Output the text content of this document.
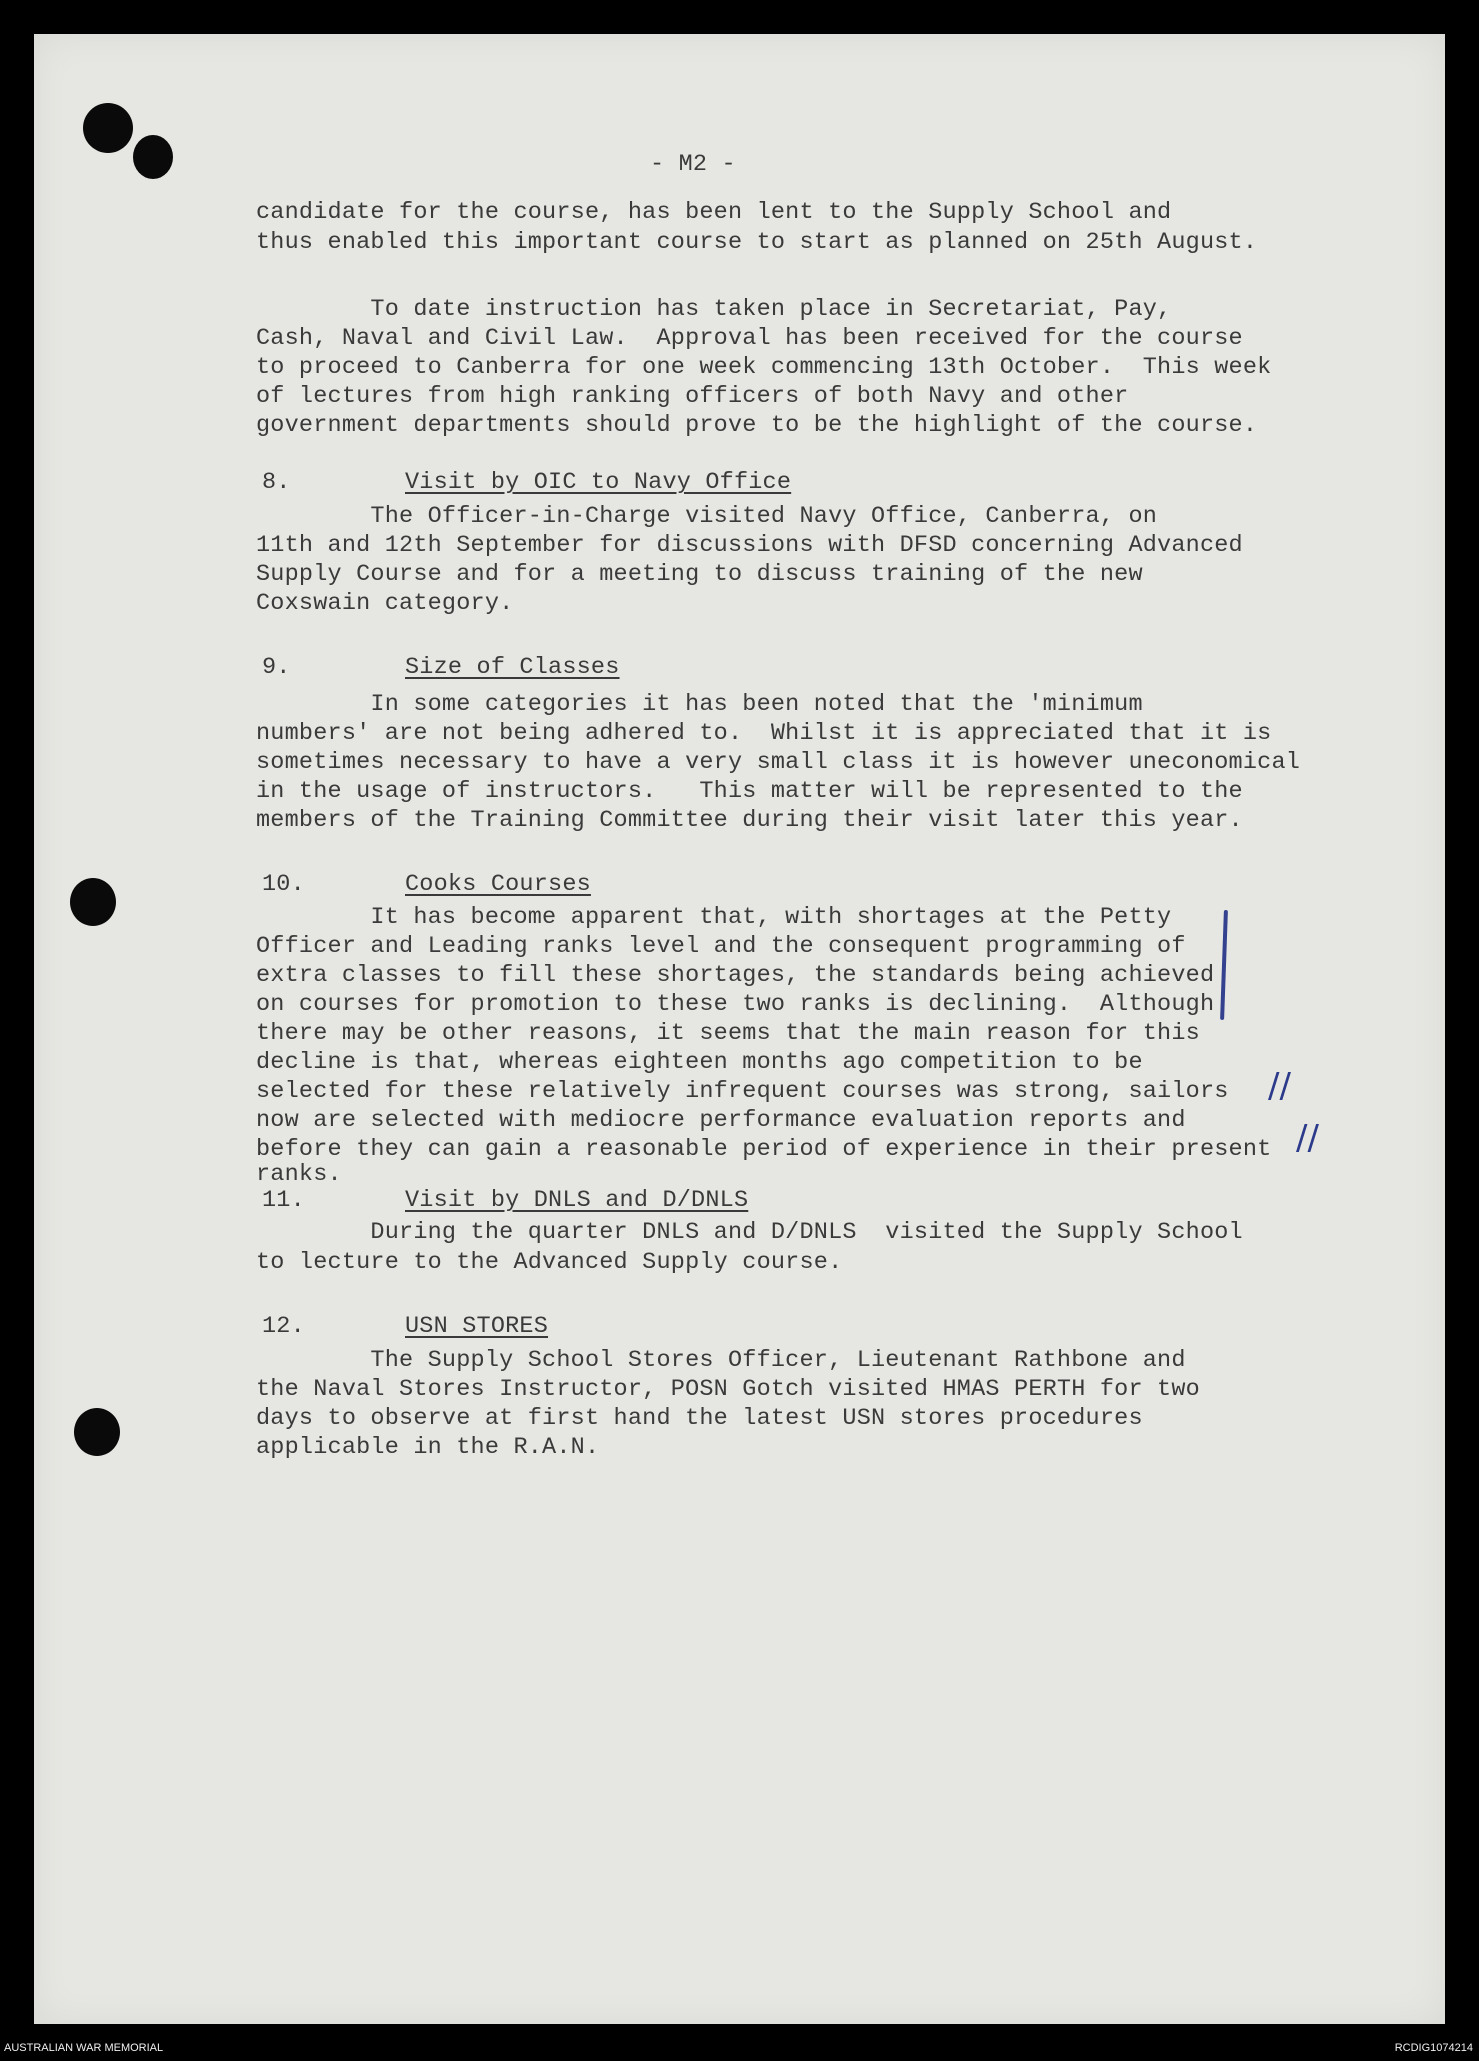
- M2 -
candidate for the course, has been lent to the Supply School and
thus enabled this important course to start as planned on 25th August.
To date instruction has taken place in Secretariat, Pay,
Cash, Naval and Civil Law.  Approval has been received for the course
to proceed to Canberra for one week commencing 13th October.  This week
of lectures from high ranking officers of both Navy and other
government departments should prove to be the highlight of the course.
8.	Visit by OIC to Navy Office
The Officer-in-Charge visited Navy Office, Canberra, on
11th and 12th September for discussions with DFSD concerning Advanced
Supply Course and for a meeting to discuss training of the new
Coxswain category.
9.	Size of Classes
In some categories it has been noted that the 'minimum
numbers' are not being adhered to.  Whilst it is appreciated that it is
sometimes necessary to have a very small class it is however uneconomical
in the usage of instructors.   This matter will be represented to the
members of the Training Committee during their visit later this year.
10.	Cooks Courses
It has become apparent that, with shortages at the Petty
Officer and Leading ranks level and the consequent programming of
extra classes to fill these shortages, the standards being achieved
on courses for promotion to these two ranks is declining.  Although
there may be other reasons, it seems that the main reason for this
decline is that, whereas eighteen months ago competition to be
selected for these relatively infrequent courses was strong, sailors
now are selected with mediocre performance evaluation reports and
before they can gain a reasonable period of experience in their present
ranks.
11.	Visit by DNLS and D/DNLS
During the quarter DNLS and D/DNLS  visited the Supply School
to lecture to the Advanced Supply course.
12.	USN STORES
The Supply School Stores Officer, Lieutenant Rathbone and
the Naval Stores Instructor, POSN Gotch visited HMAS PERTH for two
days to observe at first hand the latest USN stores procedures
applicable in the R.A.N.
//
//
AUSTRALIAN WAR MEMORIAL	RCDIG1074214
